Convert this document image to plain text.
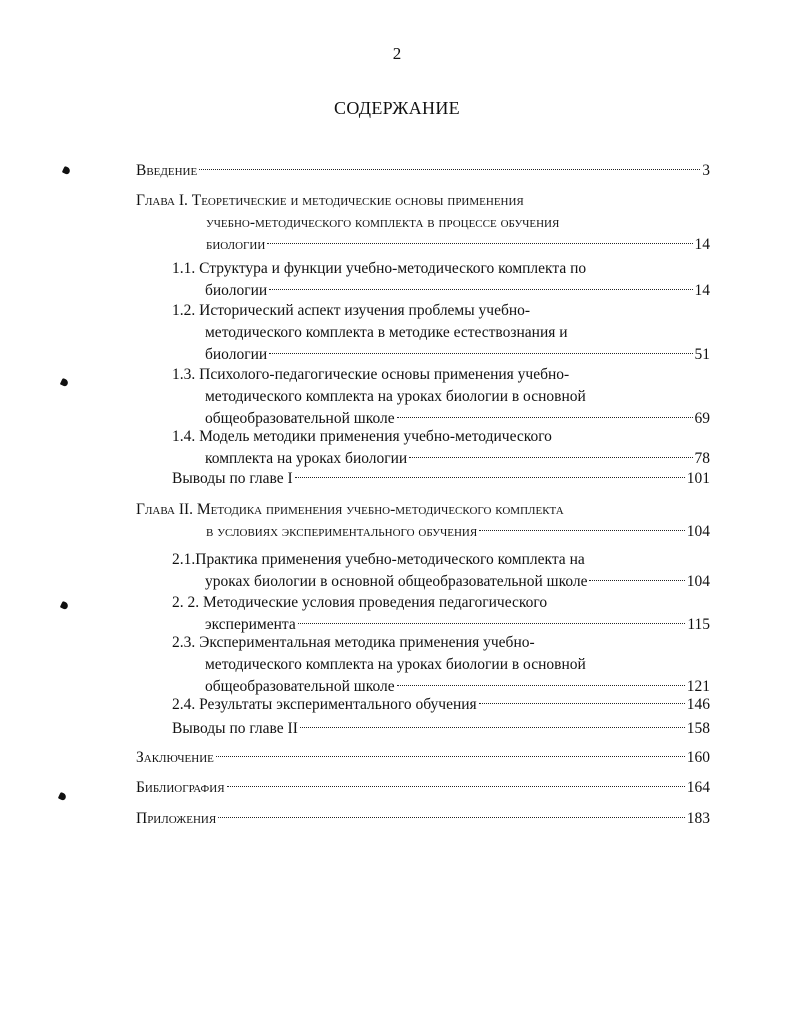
2
СОДЕРЖАНИЕ
Введение	3
Глава I. Теоретические и методические основы применения
учебно-методического комплекта в процессе обучения
биологии	14
1.1. Структура и функции учебно-методического комплекта по
биологии	14
1.2. Исторический аспект изучения проблемы учебно-
методического комплекта в методике естествознания и
биологии	51
1.3. Психолого-педагогические основы применения учебно-
методического комплекта на уроках биологии в основной
общеобразовательной школе	69
1.4. Модель методики применения учебно-методического
комплекта на уроках биологии	78
Выводы по главе I	101
Глава II. Методика применения учебно-методического комплекта
в условиях экспериментального обучения	104
2.1.Практика применения учебно-методического комплекта на
уроках биологии в основной общеобразовательной школе	104
2. 2. Методические условия проведения педагогического
эксперимента	115
2.3. Экспериментальная методика применения учебно-
методического комплекта на уроках биологии в основной
общеобразовательной школе	121
2.4. Результаты экспериментального обучения	146
Выводы по главе II	158
Заключение	160
Библиография	164
Приложения	183
